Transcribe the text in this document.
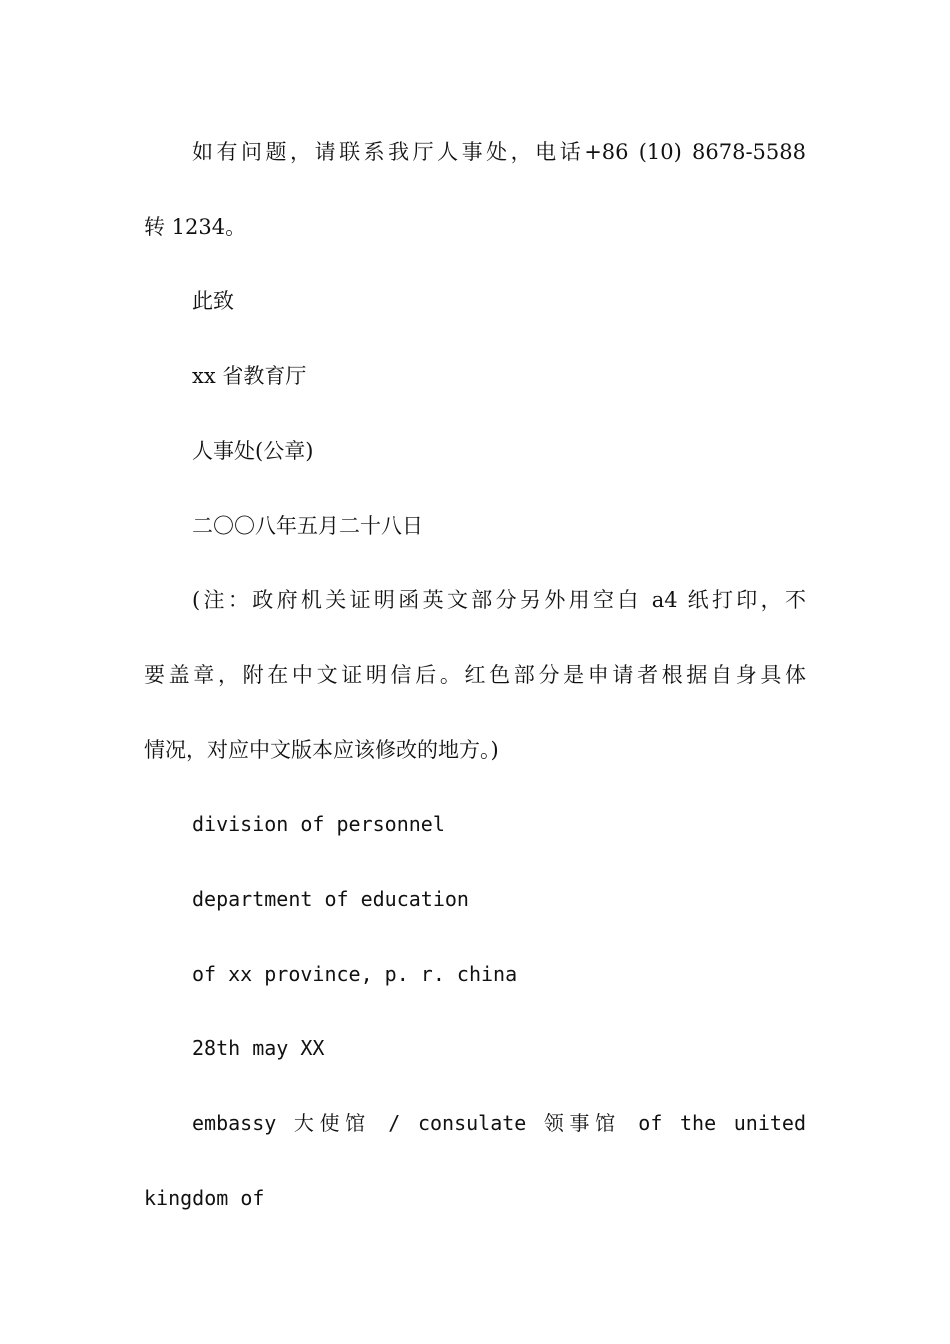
如有问题，请联系我厅人事处，电话+86 (10) 8678-5588
转 1234。
此致
xx 省教育厅
人事处(公章)
二〇〇八年五月二十八日
(注：政府机关证明函英文部分另外用空白 a4 纸打印，不
要盖章，附在中文证明信后。红色部分是申请者根据自身具体
情况，对应中文版本应该修改的地方。)
division of personnel
department of education
of xx province, p. r. china
28th may XX
embassy 大使馆 / consulate 领事馆 of the united
kingdom of
